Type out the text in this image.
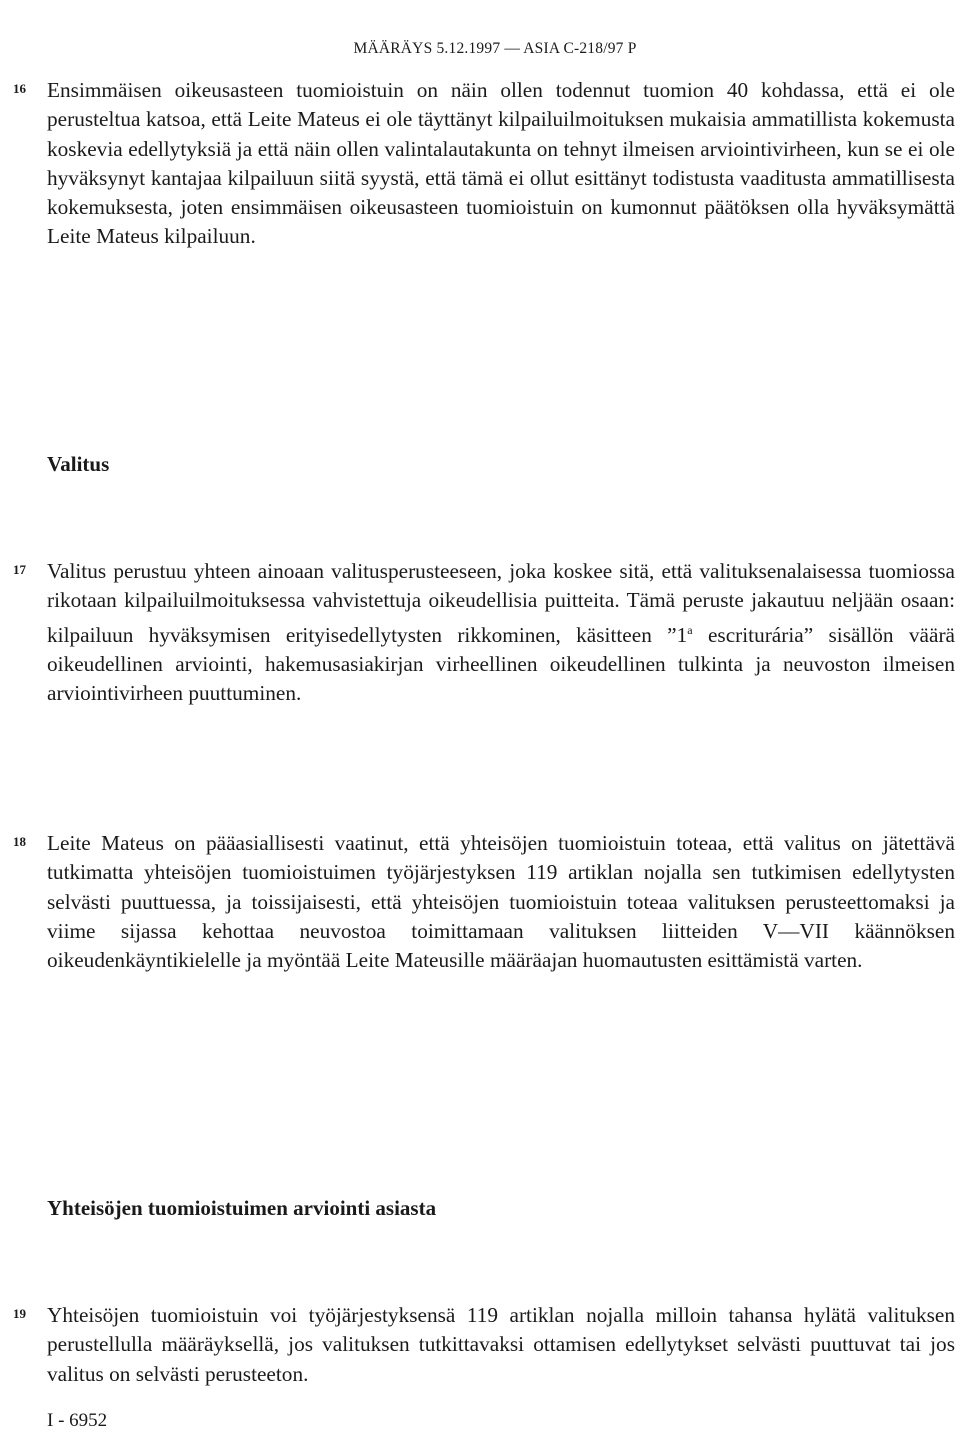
MÄÄRÄYS 5.12.1997 — ASIA C-218/97 P
16 Ensimmäisen oikeusasteen tuomioistuin on näin ollen todennut tuomion 40 kohdassa, että ei ole perusteltua katsoa, että Leite Mateus ei ole täyttänyt kilpailuilmoituksen mukaisia ammatillista kokemusta koskevia edellytyksiä ja että näin ollen valintalautakunta on tehnyt ilmeisen arviointivirheen, kun se ei ole hyväksynyt kantajaa kilpailuun siitä syystä, että tämä ei ollut esittänyt todistusta vaaditusta ammatillisesta kokemuksesta, joten ensimmäisen oikeusasteen tuomioistuin on kumonnut päätöksen olla hyväksymättä Leite Mateus kilpailuun.

Valitus
17 Valitus perustuu yhteen ainoaan valitusperusteeseen, joka koskee sitä, että valituksenalaisessa tuomiossa rikotaan kilpailuilmoituksessa vahvistettuja oikeudellisia puitteita. Tämä peruste jakautuu neljään osaan: kilpailuun hyväksymisen erityisedellytysten rikkominen, käsitteen ”1$^a$ escriturária” sisällön väärä oikeudellinen arviointi, hakemusasiakirjan virheellinen oikeudellinen tulkinta ja neuvoston ilmeisen arviointivirheen puuttuminen.

18 Leite Mateus on pääasiallisesti vaatinut, että yhteisöjen tuomioistuin toteaa, että valitus on jätettävä tutkimatta yhteisöjen tuomioistuimen työjärjestyksen 119 artiklan nojalla sen tutkimisen edellytysten selvästi puuttuessa, ja toissijaisesti, että yhteisöjen tuomioistuin toteaa valituksen perusteettomaksi ja viime sijassa kehottaa neuvostoa toimittamaan valituksen liitteiden V—VII käännöksen oikeudenkäyntikielelle ja myöntää Leite Mateusille määräajan huomautusten esittämistä varten.

Yhteisöjen tuomioistuimen arviointi asiasta
19 Yhteisöjen tuomioistuin voi työjärjestyksensä 119 artiklan nojalla milloin tahansa hylätä valituksen perustellulla määräyksellä, jos valituksen tutkittavaksi ottamisen edellytykset selvästi puuttuvat tai jos valitus on selvästi perusteeton.

I - 6952
